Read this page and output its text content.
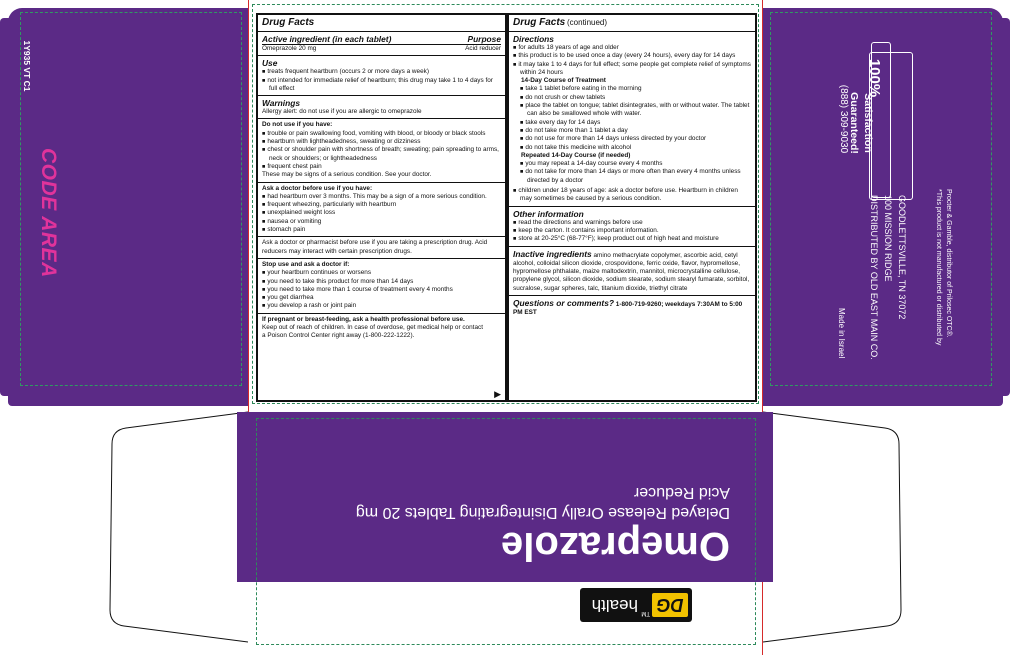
1Y935 VT C1
CODE AREA
100%
Satisfaction
Guaranteed!
(888) 309-9030
Made in Israel	DISTRIBUTED BY OLD EAST MAIN CO. 100 MISSION RIDGE GOODLETTSVILLE, TN 37072	*This product is not manufactured or distributed by Procter & Gamble, distributor of Prilosec OTC®.
Drug Facts
Active ingredient (in each tablet)	Purpose
Omeprazole 20 mg	Acid reducer
Use
■ treats frequent heartburn (occurs 2 or more days a week)
■ not intended for immediate relief of heartburn; this drug may take 1 to 4 days for full effect
Warnings
Allergy alert: do not use if you are allergic to omeprazole
Do not use if you have:
■ trouble or pain swallowing food, vomiting with blood, or bloody or black stools
■ heartburn with lightheadedness, sweating or dizziness
■ chest or shoulder pain with shortness of breath; sweating; pain spreading to arms, neck or shoulders; or lightheadedness
■ frequent chest pain
These may be signs of a serious condition. See your doctor.
Ask a doctor before use if you have:
■ had heartburn over 3 months. This may be a sign of a more serious condition.
■ frequent wheezing, particularly with heartburn
■ unexplained weight loss
■ nausea or vomiting
■ stomach pain
Ask a doctor or pharmacist before use if you are taking a prescription drug. Acid reducers may interact with certain prescription drugs.
Stop use and ask a doctor if:
■ your heartburn continues or worsens
■ you need to take this product for more than 14 days
■ you need to take more than 1 course of treatment every 4 months
■ you get diarrhea
■ you develop a rash or joint pain
If pregnant or breast-feeding, ask a health professional before use.
Keep out of reach of children. In case of overdose, get medical help or contact a Poison Control Center right away (1-800-222-1222).
▶
Drug Facts (continued)
Directions
■ for adults 18 years of age and older
■ this product is to be used once a day (every 24 hours), every day for 14 days
■ it may take 1 to 4 days for full effect; some people get complete relief of symptoms within 24 hours
14-Day Course of Treatment
■ take 1 tablet before eating in the morning
■ do not crush or chew tablets
■ place the tablet on tongue; tablet disintegrates, with or without water. The tablet can also be swallowed whole with water.
■ take every day for 14 days
■ do not take more than 1 tablet a day
■ do not use for more than 14 days unless directed by your doctor
■ do not take this medicine with alcohol
Repeated 14-Day Course (if needed)
■ you may repeat a 14-day course every 4 months
■ do not take for more than 14 days or more often than every 4 months unless directed by a doctor
■ children under 18 years of age: ask a doctor before use. Heartburn in children may sometimes be caused by a serious condition.
Other information
■ read the directions and warnings before use
■ keep the carton. It contains important information.
■ store at 20-25°C (68-77°F); keep product out of high heat and moisture
Inactive ingredients amino methacrylate copolymer, ascorbic acid, cetyl alcohol, colloidal silicon dioxide, crospovidone, ferric oxide, flavor, hypromellose, hypromellose phthalate, maize maltodextrin, mannitol, microcrystalline cellulose, propylene glycol, silicon dioxide, sodium stearate, sodium stearyl fumarate, sorbitol, sucralose, sugar spheres, talc, titanium dioxide, triethyl citrate
Questions or comments? 1-800-719-9260; weekdays 7:30AM to 5:00 PM EST
Omeprazole
Delayed Release Orally Disintegrating Tablets 20 mg
Acid Reducer
DG
TM
health
